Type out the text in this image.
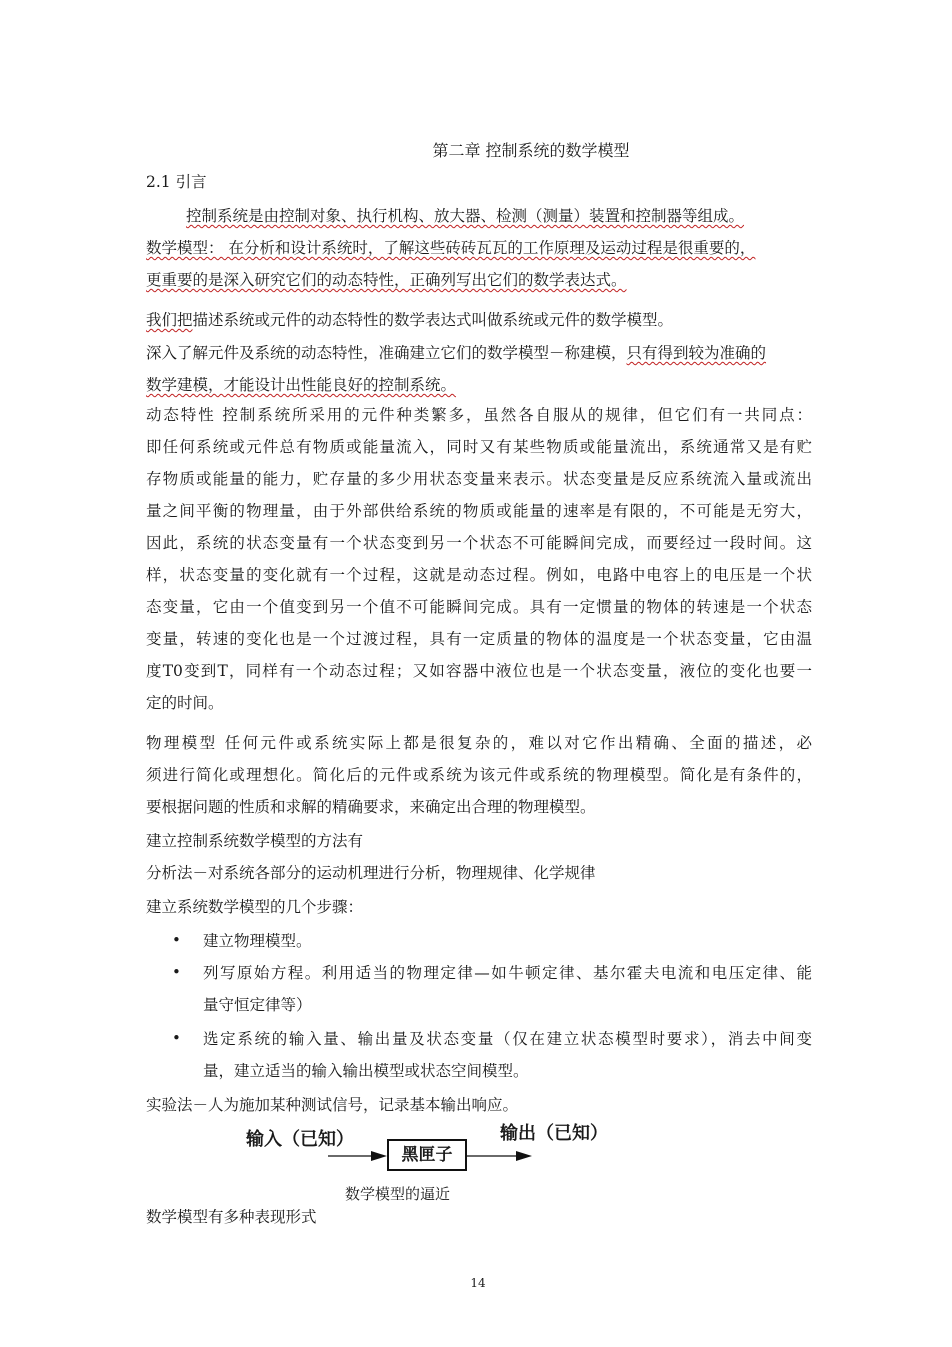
第二章 控制系统的数学模型
2.1 引言
控制系统是由控制对象、执行机构、放大器、检测（测量）装置和控制器等组成。
数学模型： 在分析和设计系统时，了解这些砖砖瓦瓦的工作原理及运动过程是很重要的，
更重要的是深入研究它们的动态特性，正确列写出它们的数学表达式。
我们把描述系统或元件的动态特性的数学表达式叫做系统或元件的数学模型。
深入了解元件及系统的动态特性，准确建立它们的数学模型－称建模，只有得到较为准确的
数学建模，才能设计出性能良好的控制系统。
动态特性 控制系统所采用的元件种类繁多，虽然各自服从的规律，但它们有一共同点：
即任何系统或元件总有物质或能量流入，同时又有某些物质或能量流出，系统通常又是有贮
存物质或能量的能力，贮存量的多少用状态变量来表示。状态变量是反应系统流入量或流出
量之间平衡的物理量，由于外部供给系统的物质或能量的速率是有限的，不可能是无穷大，
因此，系统的状态变量有一个状态变到另一个状态不可能瞬间完成，而要经过一段时间。这
样，状态变量的变化就有一个过程，这就是动态过程。例如，电路中电容上的电压是一个状
态变量，它由一个值变到另一个值不可能瞬间完成。具有一定惯量的物体的转速是一个状态
变量，转速的变化也是一个过渡过程，具有一定质量的物体的温度是一个状态变量，它由温
度T0变到T，同样有一个动态过程；又如容器中液位也是一个状态变量，液位的变化也要一
定的时间。
物理模型 任何元件或系统实际上都是很复杂的，难以对它作出精确、全面的描述，必
须进行简化或理想化。简化后的元件或系统为该元件或系统的物理模型。简化是有条件的，
要根据问题的性质和求解的精确要求，来确定出合理的物理模型。
建立控制系统数学模型的方法有
分析法－对系统各部分的运动机理进行分析，物理规律、化学规律
建立系统数学模型的几个步骤：
• 建立物理模型。
• 列写原始方程。利用适当的物理定律—如牛顿定律、基尔霍夫电流和电压定律、能
量守恒定律等）
• 选定系统的输入量、输出量及状态变量（仅在建立状态模型时要求），消去中间变
量，建立适当的输入输出模型或状态空间模型。
实验法－人为施加某种测试信号，记录基本输出响应。
输入（已知）	输出（已知）
黑匣子
数学模型的逼近
数学模型有多种表现形式
14
